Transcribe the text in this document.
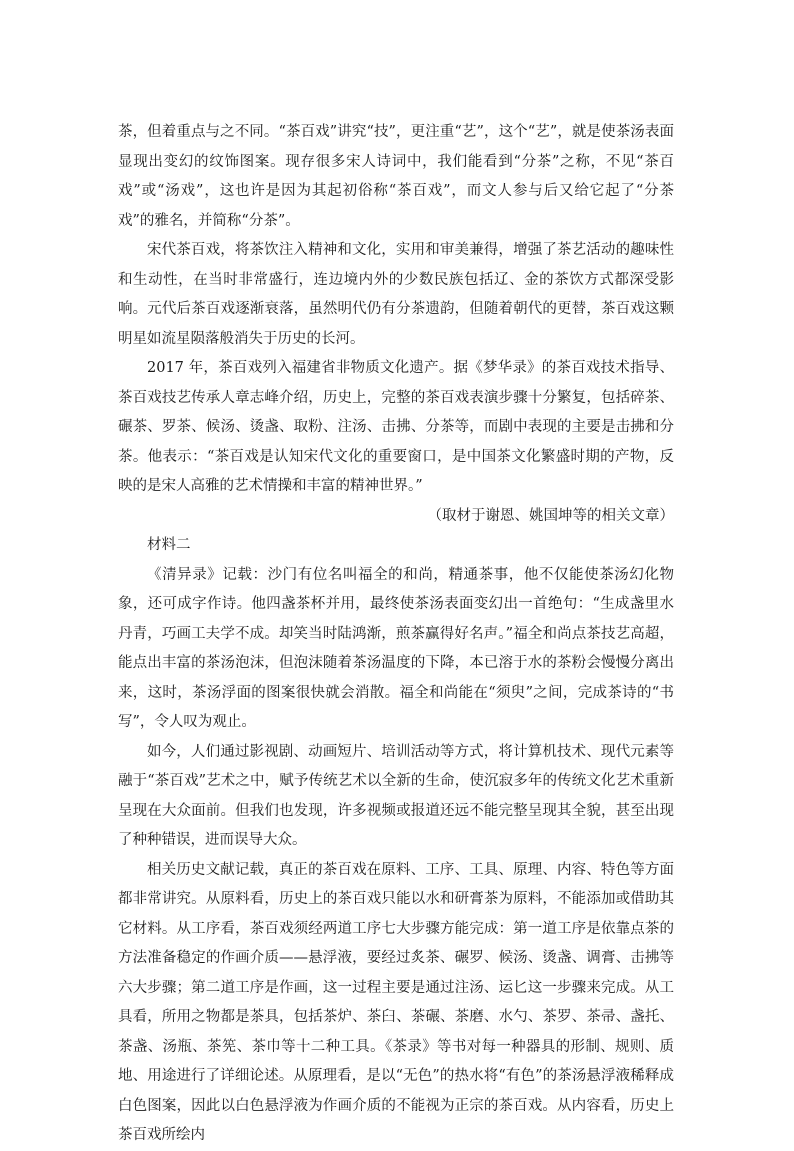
茶，但着重点与之不同。“茶百戏”讲究“技”，更注重“艺”，这个“艺”，就是使茶汤表面显现出变幻的纹饰图案。现存很多宋人诗词中，我们能看到“分茶”之称，不见“茶百戏”或“汤戏”，这也许是因为其起初俗称“茶百戏”，而文人参与后又给它起了“分茶戏”的雅名，并简称“分茶”。

宋代茶百戏，将茶饮注入精神和文化，实用和审美兼得，增强了茶艺活动的趣味性和生动性，在当时非常盛行，连边境内外的少数民族包括辽、金的茶饮方式都深受影响。元代后茶百戏逐渐衰落，虽然明代仍有分茶遗韵，但随着朝代的更替，茶百戏这颗明星如流星陨落般消失于历史的长河。

2017 年，茶百戏列入福建省非物质文化遗产。据《梦华录》的茶百戏技术指导、茶百戏技艺传承人章志峰介绍，历史上，完整的茶百戏表演步骤十分繁复，包括碎茶、碾茶、罗茶、候汤、烫盏、取粉、注汤、击拂、分茶等，而剧中表现的主要是击拂和分茶。他表示：“茶百戏是认知宋代文化的重要窗口，是中国茶文化繁盛时期的产物，反映的是宋人高雅的艺术情操和丰富的精神世界。”

（取材于谢恩、姚国坤等的相关文章）

材料二

《清异录》记载：沙门有位名叫福全的和尚，精通茶事，他不仅能使茶汤幻化物象，还可成字作诗。他四盏茶杯并用，最终使茶汤表面变幻出一首绝句：“生成盏里水丹青，巧画工夫学不成。却笑当时陆鸿渐，煎茶赢得好名声。”福全和尚点茶技艺高超，能点出丰富的茶汤泡沫，但泡沫随着茶汤温度的下降，本已溶于水的茶粉会慢慢分离出来，这时，茶汤浮面的图案很快就会消散。福全和尚能在“须臾”之间，完成茶诗的“书写”，令人叹为观止。

如今，人们通过影视剧、动画短片、培训活动等方式，将计算机技术、现代元素等融于“茶百戏”艺术之中，赋予传统艺术以全新的生命，使沉寂多年的传统文化艺术重新呈现在大众面前。但我们也发现，许多视频或报道还远不能完整呈现其全貌，甚至出现了种种错误，进而误导大众。

相关历史文献记载，真正的茶百戏在原料、工序、工具、原理、内容、特色等方面都非常讲究。从原料看，历史上的茶百戏只能以水和研膏茶为原料，不能添加或借助其它材料。从工序看，茶百戏须经两道工序七大步骤方能完成：第一道工序是依靠点茶的方法准备稳定的作画介质——悬浮液，要经过炙茶、碾罗、候汤、烫盏、调膏、击拂等六大步骤；第二道工序是作画，这一过程主要是通过注汤、运匕这一步骤来完成。从工具看，所用之物都是茶具，包括茶炉、茶臼、茶碾、茶磨、水勺、茶罗、茶帚、盏托、茶盏、汤瓶、茶筅、茶巾等十二种工具。《茶录》等书对每一种器具的形制、规则、质地、用途进行了详细论述。从原理看，是以“无色”的热水将“有色”的茶汤悬浮液稀释成白色图案，因此以白色悬浮液为作画介质的不能视为正宗的茶百戏。从内容看，历史上茶百戏所绘内
